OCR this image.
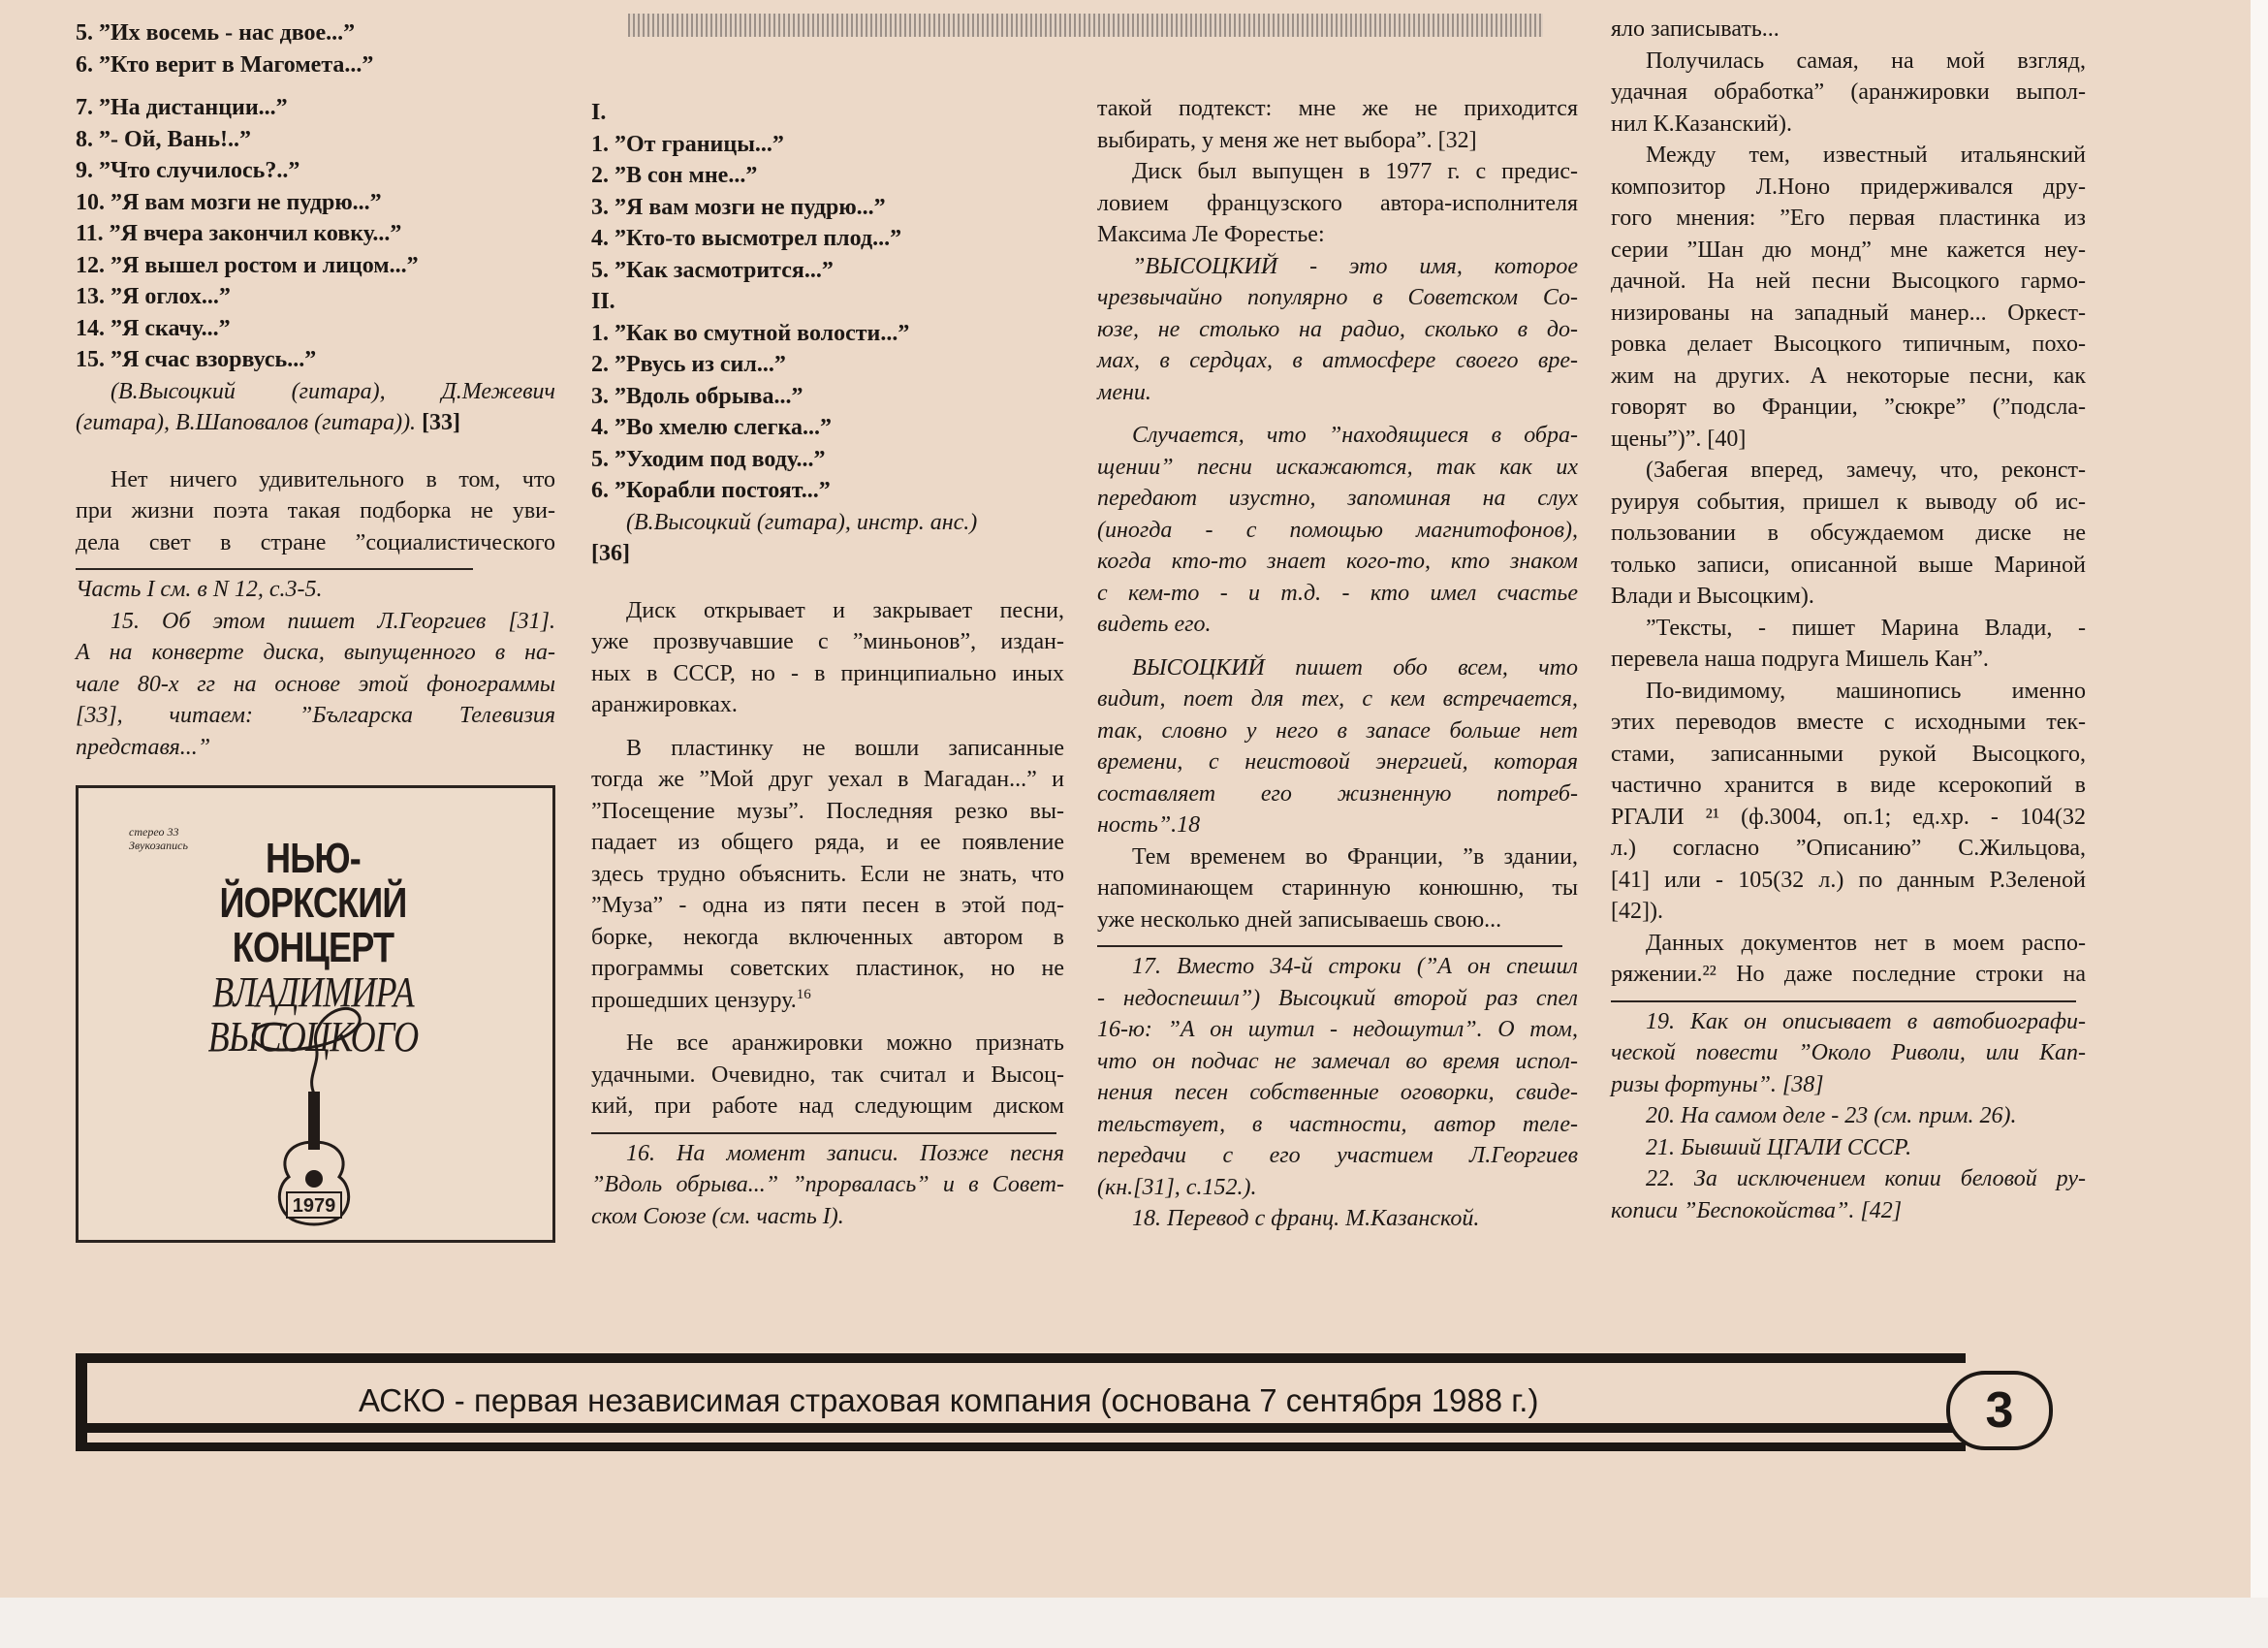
5. ”Их восемь - нас двое...”

6. ”Кто верит в Магомета...”

7. ”На дистанции...”

8. ”- Ой, Вань!..”

9. ”Что случилось?..”

10. ”Я вам мозги не пудрю...”

11. ”Я вчера закончил ковку...”

12. ”Я вышел ростом и лицом...”

13. ”Я оглох...”

14. ”Я скачу...”

15. ”Я счас взорвусь...”

(В.Высоцкий (гитара), Д.Межевич

(гитара), В.Шаповалов (гитара)). [33]

Нет ничего удивительного в том, что

при жизни поэта такая подборка не уви-

дела свет в стране ”социалистического

Часть I см. в N 12, с.3-5.

15. Об этом пишет Л.Георгиев [31].

А на конверте диска, выпущенного в на-

чале 80-х гг на основе этой фонограммы

[33], читаем: ”Българска Телевизия

представя...”

стерео 33
Звукозапись	НЬЮ-ЙОРКСКИЙ
КОНЦЕРТ
ВЛАДИМИРА
ВЫСОЦКОГО
1979

I.

1. ”От границы...”

2. ”В сон мне...”

3. ”Я вам мозги не пудрю...”

4. ”Кто-то высмотрел плод...”

5. ”Как засмотрится...”

II.

1. ”Как во смутной волости...”

2. ”Рвусь из сил...”

3. ”Вдоль обрыва...”

4. ”Во хмелю слегка...”

5. ”Уходим под воду...”

6. ”Корабли постоят...”

(В.Высоцкий (гитара), инстр. анс.)

[36]

Диск открывает и закрывает песни,

уже прозвучавшие с ”миньонов”, издан-

ных в СССР, но - в принципиально иных

аранжировках.

В пластинку не вошли записанные

тогда же ”Мой друг уехал в Магадан...” и

”Посещение музы”. Последняя резко вы-

падает из общего ряда, и ее появление

здесь трудно объяснить. Если не знать, что

”Муза” - одна из пяти песен в этой под-

борке, некогда включенных автором в

программы советских пластинок, но не

прошедших цензуру.$^{16}$

Не все аранжировки можно признать

удачными. Очевидно, так считал и Высоц-

кий, при работе над следующим диском

16. На момент записи. Позже песня

”Вдоль обрыва...” ”прорвалась” и в Совет-

ском Союзе (см. часть I).

такой подтекст: мне же не приходится

выбирать, у меня же нет выбора”. [32]

Диск был выпущен в 1977 г. с предис-

ловием французского автора-исполнителя

Максима Ле Форестье:

”ВЫСОЦКИЙ - это имя, которое

чрезвычайно популярно в Советском Со-

юзе, не столько на радио, сколько в до-

мах, в сердцах, в атмосфере своего вре-

мени.

Случается, что ”находящиеся в обра-

щении” песни искажаются, так как их

передают изустно, запоминая на слух

(иногда - с помощью магнитофонов),

когда кто-то знает кого-то, кто знаком

с кем-то - и т.д. - кто имел счастье

видеть его.

ВЫСОЦКИЙ пишет обо всем, что

видит, поет для тех, с кем встречается,

так, словно у него в запасе больше нет

времени, с неистовой энергией, которая

составляет его жизненную потреб-

ность”.18

Тем временем во Франции, ”в здании,

напоминающем старинную конюшню, ты

уже несколько дней записываешь свою...

17. Вместо 34-й строки (”А он спешил

- недоспешил”) Высоцкий второй раз спел

16-ю: ”А он шутил - недошутил”. О том,

что он подчас не замечал во время испол-

нения песен собственные оговорки, свиде-

тельствует, в частности, автор теле-

передачи с его участием Л.Георгиев

(кн.[31], с.152.).

18. Перевод с франц. М.Казанской.

яло записывать...

Получилась самая, на мой взгляд,

удачная обработка” (аранжировки выпол-

нил К.Казанский).

Между тем, известный итальянский

композитор Л.Ноно придерживался дру-

гого мнения: ”Его первая пластинка из

серии ”Шан дю монд” мне кажется неу-

дачной. На ней песни Высоцкого гармо-

низированы на западный манер... Оркест-

ровка делает Высоцкого типичным, похо-

жим на других. А некоторые песни, как

говорят во Франции, ”сюкре” (”подсла-

щены”)”. [40]

(Забегая вперед, замечу, что, реконст-

руируя события, пришел к выводу об ис-

пользовании в обсуждаемом диске не

только записи, описанной выше Мариной

Влади и Высоцким).

”Тексты, - пишет Марина Влади, -

перевела наша подруга Мишель Кан”.

По-видимому, машинопись именно

этих переводов вместе с исходными тек-

стами, записанными рукой Высоцкого,

частично хранится в виде ксерокопий в

РГАЛИ ²¹ (ф.3004, оп.1; ед.хр. - 104(32

л.) согласно ”Описанию” С.Жильцова,

[41] или - 105(32 л.) по данным Р.Зеленой

[42]).

Данных документов нет в моем распо-

ряжении.²² Но даже последние строки на

19. Как он описывает в автобиографи-

ческой повести ”Около Риволи, или Кап-

ризы фортуны”. [38]

20. На самом деле - 23 (см. прим. 26).

21. Бывший ЦГАЛИ СССР.

22. За исключением копии беловой ру-

кописи ”Беспокойства”. [42]

АСКО - первая независимая страховая компания (основана 7 сентября 1988 г.)	3
